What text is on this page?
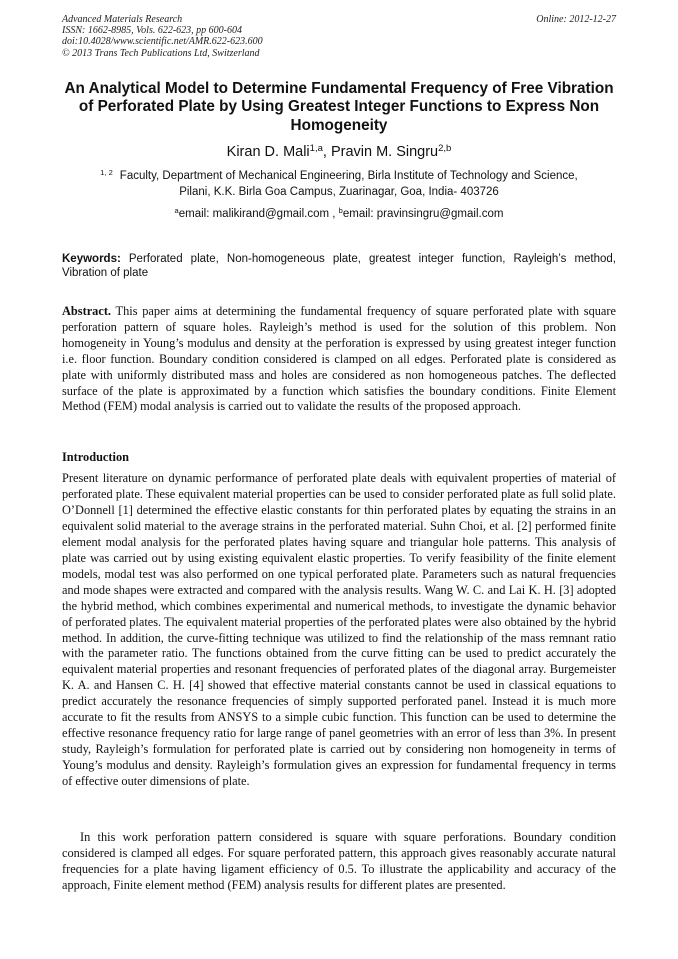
Advanced Materials Research
ISSN: 1662-8985, Vols. 622-623, pp 600-604
doi:10.4028/www.scientific.net/AMR.622-623.600
© 2013 Trans Tech Publications Ltd, Switzerland
Online: 2012-12-27
An Analytical Model to Determine Fundamental Frequency of Free Vibration of Perforated Plate by Using Greatest Integer Functions to Express Non Homogeneity
Kiran D. Mali$^{1,a}$, Pravin M. Singru$^{2,b}$
$^{1, 2}$ Faculty, Department of Mechanical Engineering, Birla Institute of Technology and Science,
Pilani, K.K. Birla Goa Campus, Zuarinagar, Goa, India- 403726
$^a$email: malikirand@gmail.com , $^b$email: pravinsingru@gmail.com
Keywords: Perforated plate, Non-homogeneous plate, greatest integer function, Rayleigh’s method, Vibration of plate
Abstract. This paper aims at determining the fundamental frequency of square perforated plate with square perforation pattern of square holes. Rayleigh’s method is used for the solution of this problem. Non homogeneity in Young’s modulus and density at the perforation is expressed by using greatest integer function i.e. floor function. Boundary condition considered is clamped on all edges. Perforated plate is considered as plate with uniformly distributed mass and holes are considered as non homogeneous patches. The deflected surface of the plate is approximated by a function which satisfies the boundary conditions. Finite Element Method (FEM) modal analysis is carried out to validate the results of the proposed approach.
Introduction

Present literature on dynamic performance of perforated plate deals with equivalent properties of material of perforated plate. These equivalent material properties can be used to consider perforated plate as full solid plate. O’Donnell [1] determined the effective elastic constants for thin perforated plates by equating the strains in an equivalent solid material to the average strains in the perforated material. Suhn Choi, et al. [2] performed finite element modal analysis for the perforated plates having square and triangular hole patterns. This analysis of plate was carried out by using existing equivalent elastic properties. To verify feasibility of the finite element models, modal test was also performed on one typical perforated plate. Parameters such as natural frequencies and mode shapes were extracted and compared with the analysis results. Wang W. C. and Lai K. H. [3] adopted the hybrid method, which combines experimental and numerical methods, to investigate the dynamic behavior of perforated plates. The equivalent material properties of the perforated plates were also obtained by the hybrid method. In addition, the curve-fitting technique was utilized to find the relationship of the mass remnant ratio with the parameter ratio. The functions obtained from the curve fitting can be used to predict accurately the equivalent material properties and resonant frequencies of perforated plates of the diagonal array. Burgemeister K. A. and Hansen C. H. [4] showed that effective material constants cannot be used in classical equations to predict accurately the resonance frequencies of simply supported perforated panel. Instead it is much more accurate to fit the results from ANSYS to a simple cubic function. This function can be used to determine the effective resonance frequency ratio for large range of panel geometries with an error of less than 3%. In present study, Rayleigh’s formulation for perforated plate is carried out by considering non homogeneity in terms of Young’s modulus and density. Rayleigh’s formulation gives an expression for fundamental frequency in terms of effective outer dimensions of plate.

In this work perforation pattern considered is square with square perforations. Boundary condition considered is clamped all edges. For square perforated pattern, this approach gives reasonably accurate natural frequencies for a plate having ligament efficiency of 0.5. To illustrate the applicability and accuracy of the approach, Finite element method (FEM) analysis results for different plates are presented.
